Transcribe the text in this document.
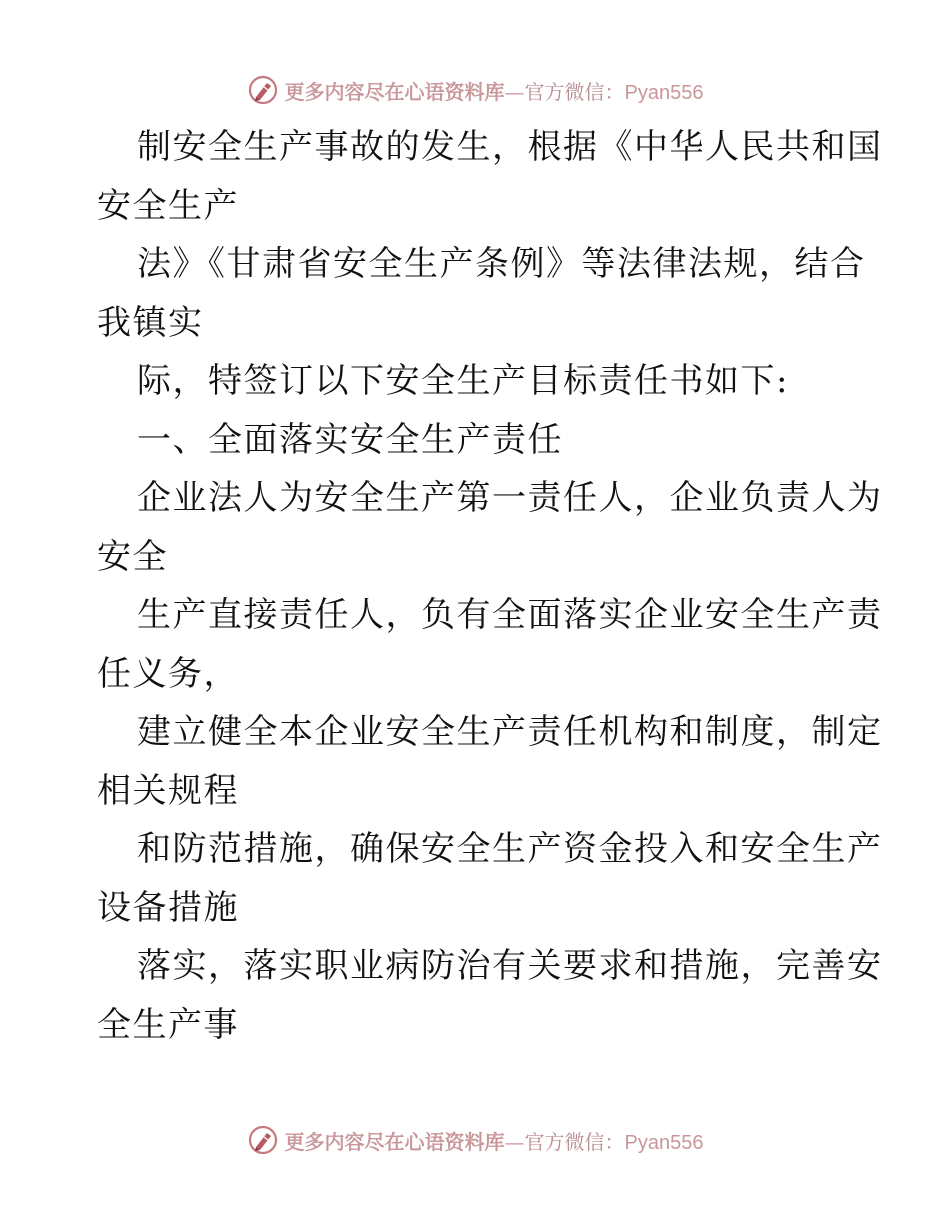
更多内容尽在心语资料库—官方微信：Pyan556
制安全生产事故的发生，根据《中华人民共和国
安全生产
法》《甘肃省安全生产条例》等法律法规，结合
我镇实
际，特签订以下安全生产目标责任书如下:
一、全面落实安全生产责任
企业法人为安全生产第一责任人，企业负责人为
安全
生产直接责任人，负有全面落实企业安全生产责
任义务，
建立健全本企业安全生产责任机构和制度，制定
相关规程
和防范措施，确保安全生产资金投入和安全生产
设备措施
落实，落实职业病防治有关要求和措施，完善安
全生产事
更多内容尽在心语资料库—官方微信：Pyan556
